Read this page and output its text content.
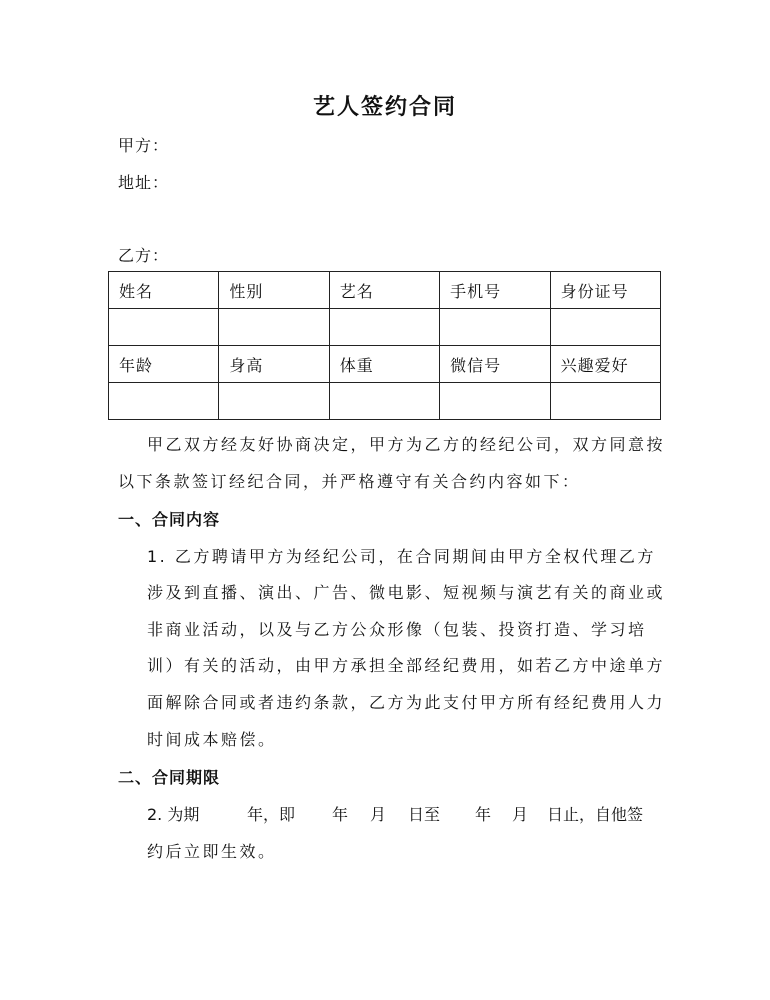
艺人签约合同
甲方：
地址：
乙方：
姓名	性别	艺名	手机号	身份证号

年龄	身高	体重	微信号	兴趣爱好

甲乙双方经友好协商决定，甲方为乙方的经纪公司，双方同意按
以下条款签订经纪合同，并严格遵守有关合约内容如下：
一、合同内容
1. 乙方聘请甲方为经纪公司，在合同期间由甲方全权代理乙方
涉及到直播、演出、广告、微电影、短视频与演艺有关的商业或
非商业活动，以及与乙方公众形像（包装、投资打造、学习培
训）有关的活动，由甲方承担全部经纪费用，如若乙方中途单方
面解除合同或者违约条款，乙方为此支付甲方所有经纪费用人力
时间成本赔偿。
二、合同期限
2. 为期	年，即 年 月 日至 年 月 日止，自他签
约后立即生效。
